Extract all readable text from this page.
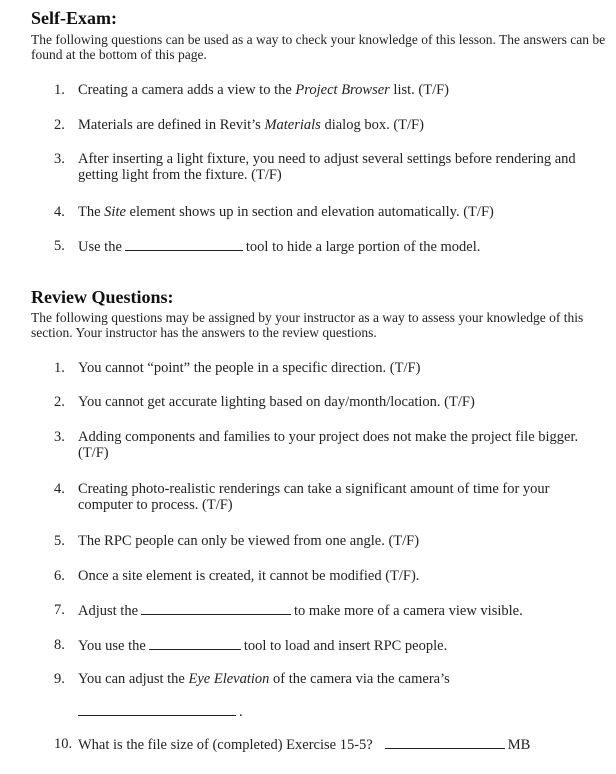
Self-Exam:

The following questions can be used as a way to check your knowledge of this lesson. The answers can be found at the bottom of this page.

1. Creating a camera adds a view to the Project Browser list. (T/F)
2. Materials are defined in Revit’s Materials dialog box. (T/F)
3. After inserting a light fixture, you need to adjust several settings before rendering and getting light from the fixture. (T/F)
4. The Site element shows up in section and elevation automatically. (T/F)
5. Use the	tool to hide a large portion of the model.
Review Questions:

The following questions may be assigned by your instructor as a way to assess your knowledge of this section. Your instructor has the answers to the review questions.

1. You cannot “point” the people in a specific direction. (T/F)
2. You cannot get accurate lighting based on day/month/location. (T/F)
3. Adding components and families to your project does not make the project file bigger. (T/F)
4. Creating photo-realistic renderings can take a significant amount of time for your computer to process. (T/F)
5. The RPC people can only be viewed from one angle. (T/F)
6. Once a site element is created, it cannot be modified (T/F).
7. Adjust the	to make more of a camera view visible.
8. You use the	tool to load and insert RPC people.
9. You can adjust the Eye Elevation of the camera via the camera’s
.
10. What is the file size of (completed) Exercise 15-5?	MB
